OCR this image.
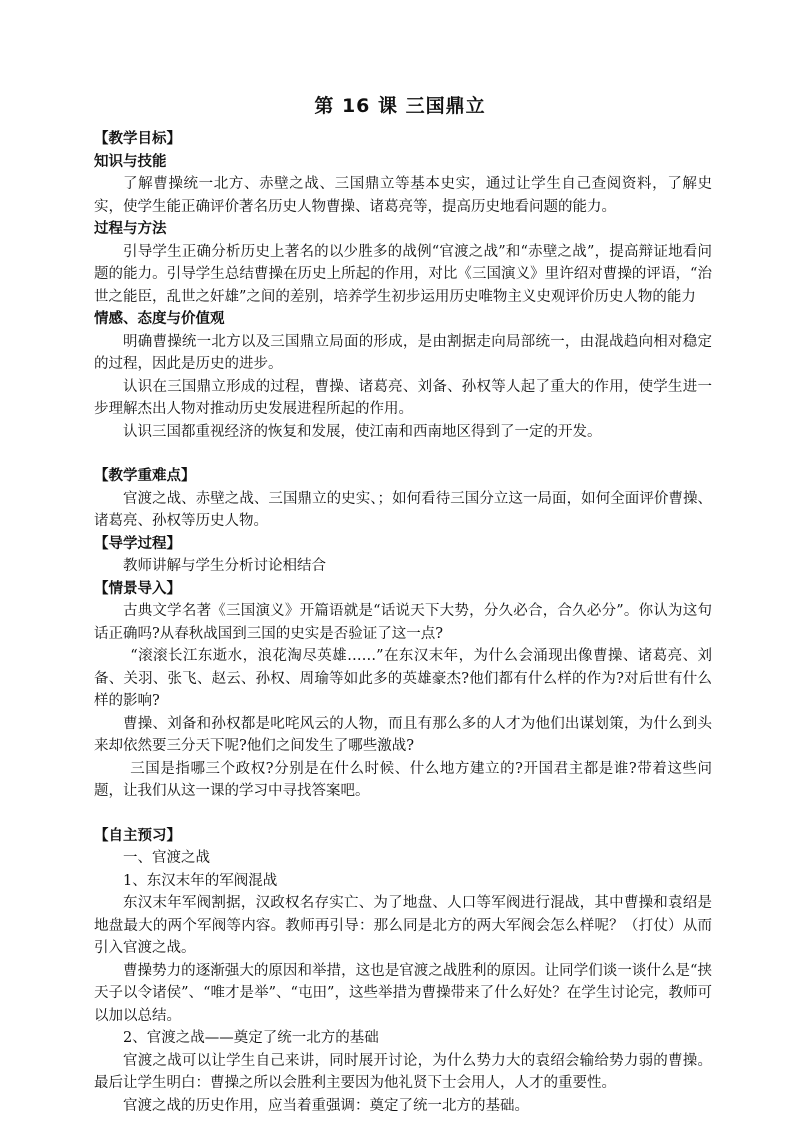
第 16 课 三国鼎立
【教学目标】
知识与技能

了解曹操统一北方、赤壁之战、三国鼎立等基本史实，通过让学生自己查阅资料，了解史实，使学生能正确评价著名历史人物曹操、诸葛亮等，提高历史地看问题的能力。

过程与方法

引导学生正确分析历史上著名的以少胜多的战例“官渡之战”和“赤壁之战”，提高辩证地看问题的能力。引导学生总结曹操在历史上所起的作用，对比《三国演义》里许绍对曹操的评语，“治世之能臣，乱世之奸雄”之间的差别，培养学生初步运用历史唯物主义史观评价历史人物的能力

情感、态度与价值观

明确曹操统一北方以及三国鼎立局面的形成，是由割据走向局部统一，由混战趋向相对稳定的过程，因此是历史的进步。

认识在三国鼎立形成的过程，曹操、诸葛亮、刘备、孙权等人起了重大的作用，使学生进一步理解杰出人物对推动历史发展进程所起的作用。

认识三国都重视经济的恢复和发展，使江南和西南地区得到了一定的开发。

【教学重难点】

官渡之战、赤壁之战、三国鼎立的史实、；如何看待三国分立这一局面，如何全面评价曹操、诸葛亮、孙权等历史人物。

【导学过程】

教师讲解与学生分析讨论相结合

【情景导入】

古典文学名著《三国演义》开篇语就是“话说天下大势，分久必合，合久必分”。你认为这句话正确吗?从春秋战国到三国的史实是否验证了这一点?

“滚滚长江东逝水，浪花淘尽英雄……”在东汉末年，为什么会涌现出像曹操、诸葛亮、刘备、关羽、张飞、赵云、孙权、周瑜等如此多的英雄豪杰?他们都有什么样的作为?对后世有什么样的影响?

曹操、刘备和孙权都是叱咤风云的人物，而且有那么多的人才为他们出谋划策，为什么到头来却依然要三分天下呢?他们之间发生了哪些激战?

三国是指哪三个政权?分别是在什么时候、什么地方建立的?开国君主都是谁?带着这些问题，让我们从这一课的学习中寻找答案吧。

【自主预习】

一、官渡之战

1、东汉末年的军阀混战

东汉末年军阀割据，汉政权名存实亡、为了地盘、人口等军阀进行混战，其中曹操和袁绍是地盘最大的两个军阀等内容。教师再引导：那么同是北方的两大军阀会怎么样呢？（打仗）从而引入官渡之战。

曹操势力的逐渐强大的原因和举措，这也是官渡之战胜利的原因。让同学们谈一谈什么是“挟天子以令诸侯”、“唯才是举”、“屯田”，这些举措为曹操带来了什么好处？在学生讨论完，教师可以加以总结。

2、官渡之战——奠定了统一北方的基础

官渡之战可以让学生自己来讲，同时展开讨论，为什么势力大的袁绍会输给势力弱的曹操。最后让学生明白：曹操之所以会胜利主要因为他礼贤下士会用人，人才的重要性。

官渡之战的历史作用，应当着重强调：奠定了统一北方的基础。
